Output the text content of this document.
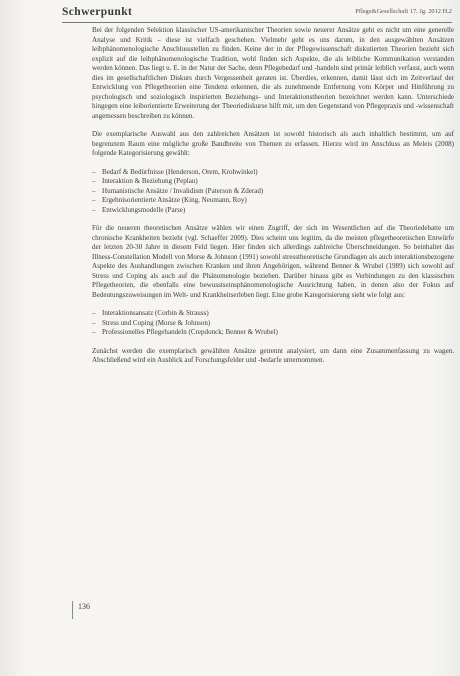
Schwerpunkt	Pflege&Gesellschaft 17. Jg. 2012 H.2

Bei der folgenden Selektion klassischer US-amerikanischer Theorien sowie neuerer Ansätze geht es nicht um eine generelle Analyse und Kritik – diese ist vielfach geschehen. Vielmehr geht es uns darum, in den ausgewählten Ansätzen leibphänomenologische Anschlussstellen zu finden. Keine der in der Pflegewissenschaft diskutierten Theorien bezieht sich explizit auf die leibphänomenologische Tradition, wohl finden sich Aspekte, die als leibliche Kommunikation verstanden werden können. Das liegt u. E. in der Natur der Sache, denn Pflegebedarf und -handeln sind primär leiblich verfasst, auch wenn dies im gesellschaftlichen Diskurs durch Vergessenheit geraten ist. Überdies, erkennen, damit lässt sich im Zeitverlauf der Entwicklung von Pflegetheorien eine Tendenz erkennen, die als zunehmende Entfernung vom Körper und Hinführung zu psychologisch und soziologisch inspirierten Beziehungs- und Interaktionstheorien bezeichnet werden kann. Unterschiede hingegen eine leiborientierte Erweiterung der Theoriediskurse hilft mit, um den Gegenstand von Pflegepraxis und -wissenschaft angemessen beschreiben zu können.

Die exemplarische Auswahl aus den zahlreichen Ansätzen ist sowohl historisch als auch inhaltlich bestimmt, um auf begrenztem Raum eine mögliche große Bandbreite von Themen zu erfassen. Hierzu wird im Anschluss an Meleis (2008) folgende Kategorisierung gewählt:

– Bedarf & Bedürfnisse (Henderson, Orem, Krohwinkel)
– Interaktion & Beziehung (Peplau)
– Humanistische Ansätze / Invalidism (Paterson & Zderad)
– Ergebnisorientierte Ansätze (King, Neumann, Roy)
– Entwicklungsmodelle (Parse)

Für die neueren theoretischen Ansätze wählen wir einen Zugriff, der sich im Wesentlichen auf die Theoriedebatte um chronische Krankheiten bezieht (vgl. Schaeffer 2009). Dies scheint uns legitim, da die meisten pflegetheoretischen Entwürfe der letzten 20-30 Jahre in diesem Feld liegen. Hier finden sich allerdings zahlreiche Überschneidungen. So beinhaltet das Illness-Constellation Modell von Morse & Johnson (1991) sowohl stresstheoretische Grundlagen als auch interaktionsbezogene Aspekte des Aushandlungen zwischen Kranken und ihren Angehörigen, während Benner & Wrubel (1989) sich sowohl auf Stress und Coping als auch auf die Phänomenologie beziehen. Darüber hinaus gibt es Verbindungen zu den klassischen Pflegetheorien, die ebenfalls eine bewusstseinsphänomenologische Ausrichtung haben, in denen also der Fokus auf Bedeutungszuweisungen im Welt- und Krankheitserleben liegt. Eine grobe Kategorisierung sieht wie folgt aus:

– Interaktionsansatz (Corbin & Strauss)
– Stress und Coping (Morse & Johnson)
– Professionelles Pflegehandeln (Crepdonck; Benner & Wrubel)

Zunächst werden die exemplarisch gewählten Ansätze getrennt analysiert, um dann eine Zusammenfassung zu wagen. Abschließend wird ein Ausblick auf Forschungsfelder und -bedarfe unternommen.

136
